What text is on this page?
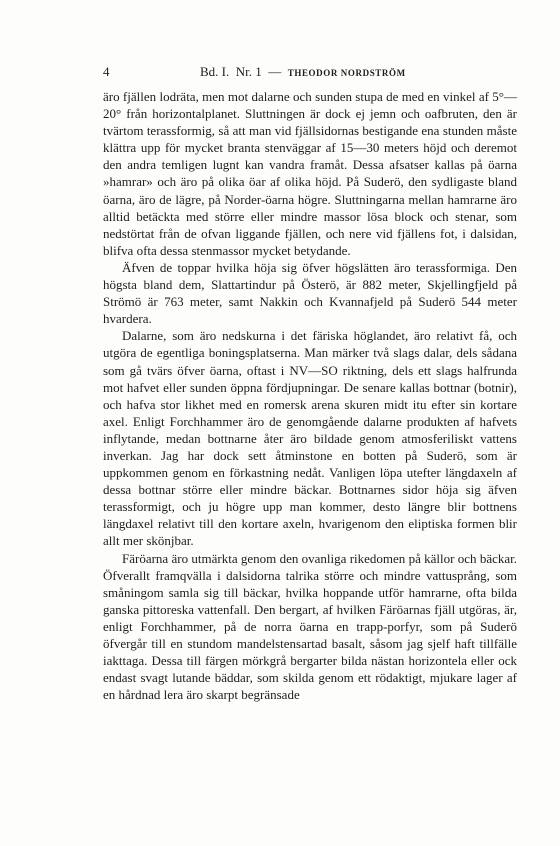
4	Bd. I. Nr. 1 — THEODOR NORDSTRÖM

äro fjällen lodräta, men mot dalarne och sunden stupa de med en vinkel af 5°—20° från horizontalplanet. Sluttningen är dock ej jemn och oafbruten, den är tvärtom terassformig, så att man vid fjällsidornas bestigande ena stunden måste klättra upp för mycket branta stenväggar af 15—30 meters höjd och deremot den andra temligen lugnt kan vandra framåt. Dessa afsatser kallas på öarna »hamrar» och äro på olika öar af olika höjd. På Suderö, den sydligaste bland öarna, äro de lägre, på Norder-öarna högre. Sluttningarna mellan hamrarne äro alltid betäckta med större eller mindre massor lösa block och stenar, som nedstörtat från de ofvan liggande fjällen, och nere vid fjällens fot, i dalsidan, blifva ofta dessa stenmassor mycket betydande.

Äfven de toppar hvilka höja sig öfver högslätten äro terassformiga. Den högsta bland dem, Slattartindur på Österö, är 882 meter, Skjellingfjeld på Strömö är 763 meter, samt Nakkin och Kvannafjeld på Suderö 544 meter hvardera.

Dalarne, som äro nedskurna i det färiska höglandet, äro relativt få, och utgöra de egentliga boningsplatserna. Man märker två slags dalar, dels sådana som gå tvärs öfver öarna, oftast i NV—SO riktning, dels ett slags halfrunda mot hafvet eller sunden öppna fördjupningar. De senare kallas bottnar (botnir), och hafva stor likhet med en romersk arena skuren midt itu efter sin kortare axel. Enligt Forchhammer äro de genomgående dalarne produkten af hafvets inflytande, medan bottnarne åter äro bildade genom atmosferiliskt vattens inverkan. Jag har dock sett åtminstone en botten på Suderö, som är uppkommen genom en förkastning nedåt. Vanligen löpa utefter längdaxeln af dessa bottnar större eller mindre bäckar. Bottnarnes sidor höja sig äfven terassformigt, och ju högre upp man kommer, desto längre blir bottnens längdaxel relativt till den kortare axeln, hvarigenom den eliptiska formen blir allt mer skönjbar.

Färöarna äro utmärkta genom den ovanliga rikedomen på källor och bäckar. Öfverallt framqvälla i dalsidorna talrika större och mindre vattusprång, som småningom samla sig till bäckar, hvilka hoppande utför hamrarne, ofta bilda ganska pittoreska vattenfall. Den bergart, af hvilken Färöarnas fjäll utgöras, är, enligt Forchhammer, på de norra öarna en trapp-porfyr, som på Suderö öfvergår till en stundom mandelstensartad basalt, såsom jag sjelf haft tillfälle iakttaga. Dessa till färgen mörkgrå bergarter bilda nästan horizontela eller ock endast svagt lutande bäddar, som skilda genom ett rödaktigt, mjukare lager af en hårdnad lera äro skarpt begränsade
